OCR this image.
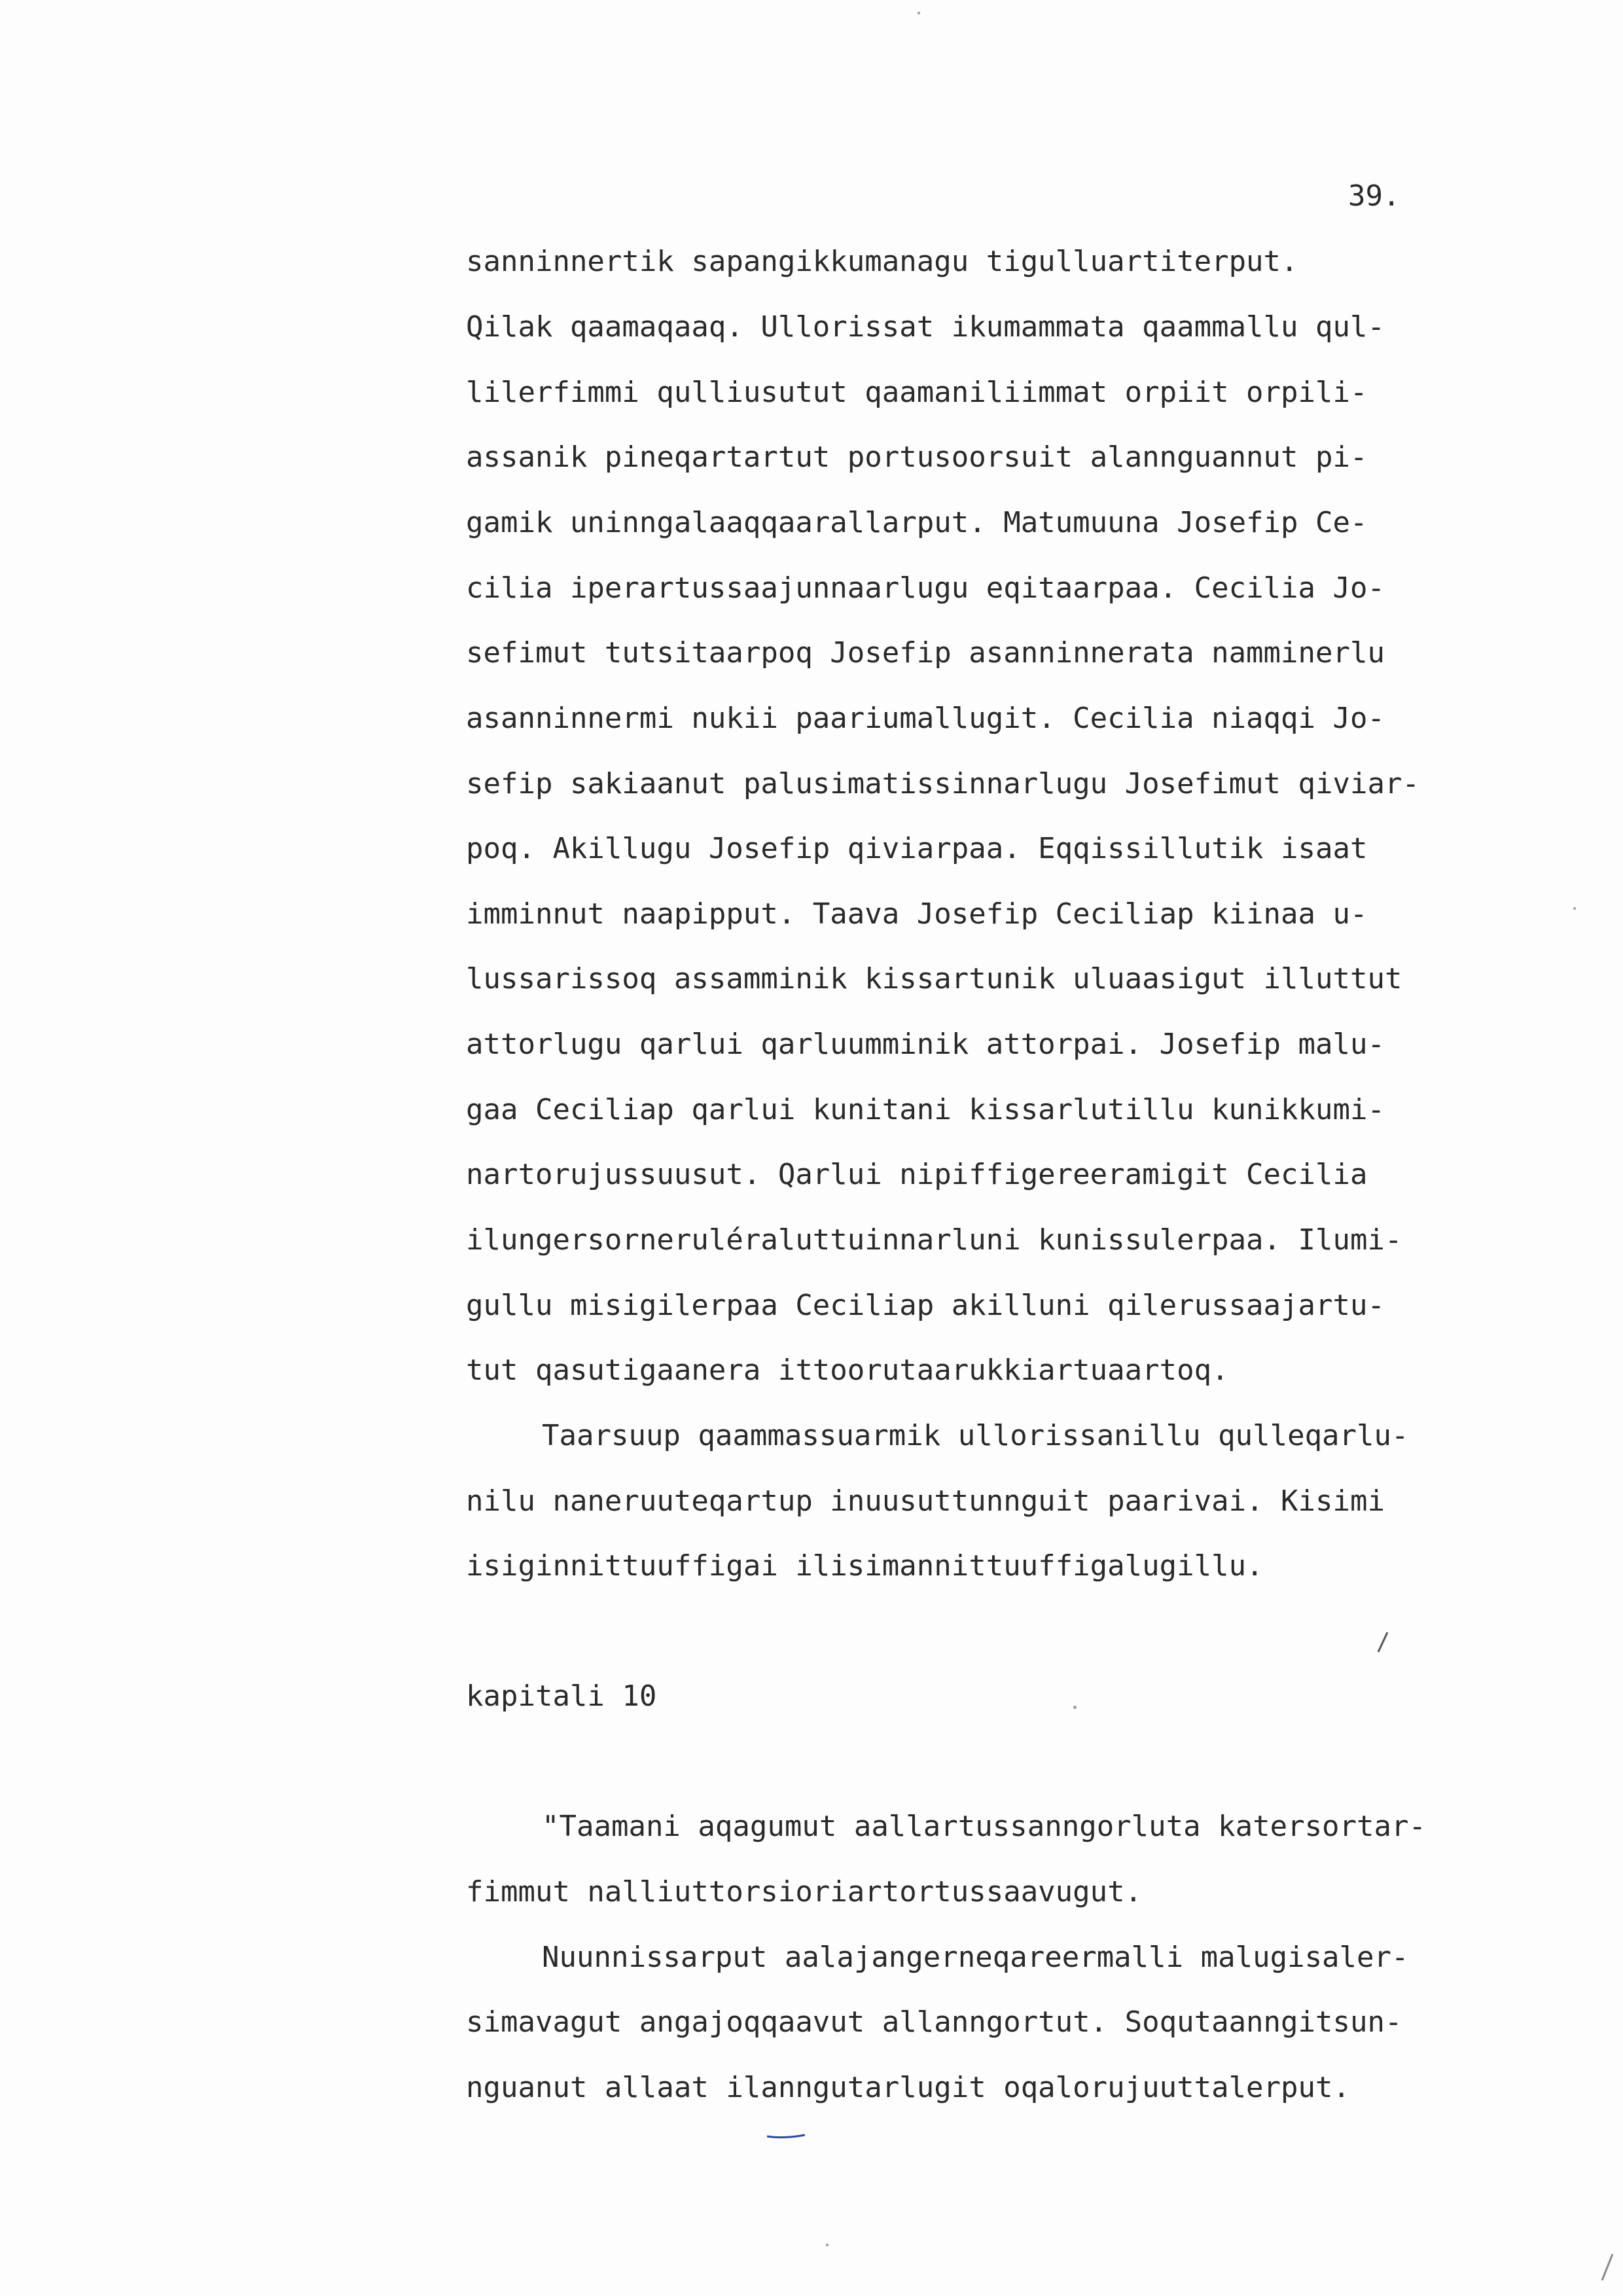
39.
sanninnertik sapangikkumanagu tigulluartiterput.
Qilak qaamaqaaq. Ullorissat ikumammata qaammallu qul-
lilerfimmi qulliusutut qaamaniliimmat orpiit orpili-
assanik pineqartartut portusoorsuit alannguannut pi-
gamik uninngalaaqqaarallarput. Matumuuna Josefip Ce-
cilia iperartussaajunnaarlugu eqitaarpaa. Cecilia Jo-
sefimut tutsitaarpoq Josefip asanninnerata namminerlu
asanninnermi nukii paariumallugit. Cecilia niaqqi Jo-
sefip sakiaanut palusimatissinnarlugu Josefimut qiviar-
poq. Akillugu Josefip qiviarpaa. Eqqissillutik isaat
imminnut naapipput. Taava Josefip Ceciliap kiinaa u-
lussarissoq assamminik kissartunik uluaasigut illuttut
attorlugu qarlui qarluumminik attorpai. Josefip malu-
gaa Ceciliap qarlui kunitani kissarlutillu kunikkumi-
nartorujussuusut. Qarlui nipiffigereeramigit Cecilia
ilungersorneruléraluttuinnarluni kunissulerpaa. Ilumi-
gullu misigilerpaa Ceciliap akilluni qilerussaajartu-
tut qasutigaanera ittoorutaarukkiartuaartoq.
Taarsuup qaammassuarmik ullorissanillu qulleqarlu-
nilu naneruuteqartup inuusuttunnguit paarivai. Kisimi
isiginnittuuffigai ilisimannittuuffigalugillu.
kapitali 10
"Taamani aqagumut aallartussanngorluta katersortar-
fimmut nalliuttorsioriartortussaavugut.
Nuunnissarput aalajangerneqareermalli malugisaler-
simavagut angajoqqaavut allanngortut. Soqutaanngitsun-
nguanut allaat ilanngutarlugit oqalorujuuttalerput.
